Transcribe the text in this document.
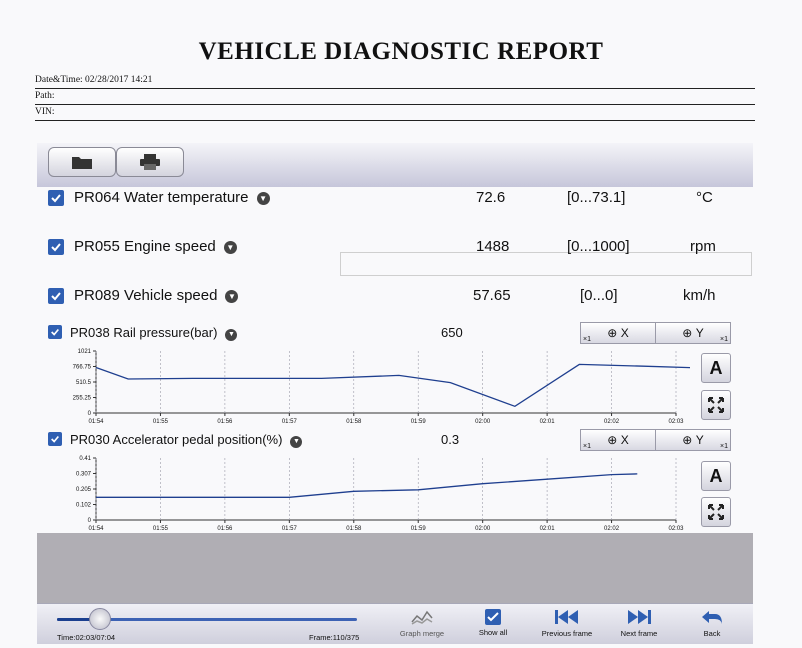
VEHICLE DIAGNOSTIC REPORT
Date&Time: 02/28/2017 14:21
Path:
VIN:
PR064 Water temperature ▼	72.6	[0...73.1]	°C
PR055 Engine speed ▼	1488	[0...1000]	rpm
PR089 Vehicle speed ▼	57.65	[0...0]	km/h
PR038 Rail pressure(bar) ▼	650	⊕ X
×1	⊕ Y ×1
A
1021
766.75
510.5
255.25
0
01:54	01:55	01:56	01:57	01:58	01:59	02:00	02:01	02:02	02:03
PR030 Accelerator pedal position(%) ▼	0.3	⊕ X
×1	⊕ Y ×1
A
0.41
0.307
0.205
0.102
0
01:54	01:55	01:56	01:57	01:58	01:59	02:00	02:01	02:02	02:03
Time:02:03/07:04	Frame:110/375	Graph merge	Show all	Previous frame	Next frame	Back
